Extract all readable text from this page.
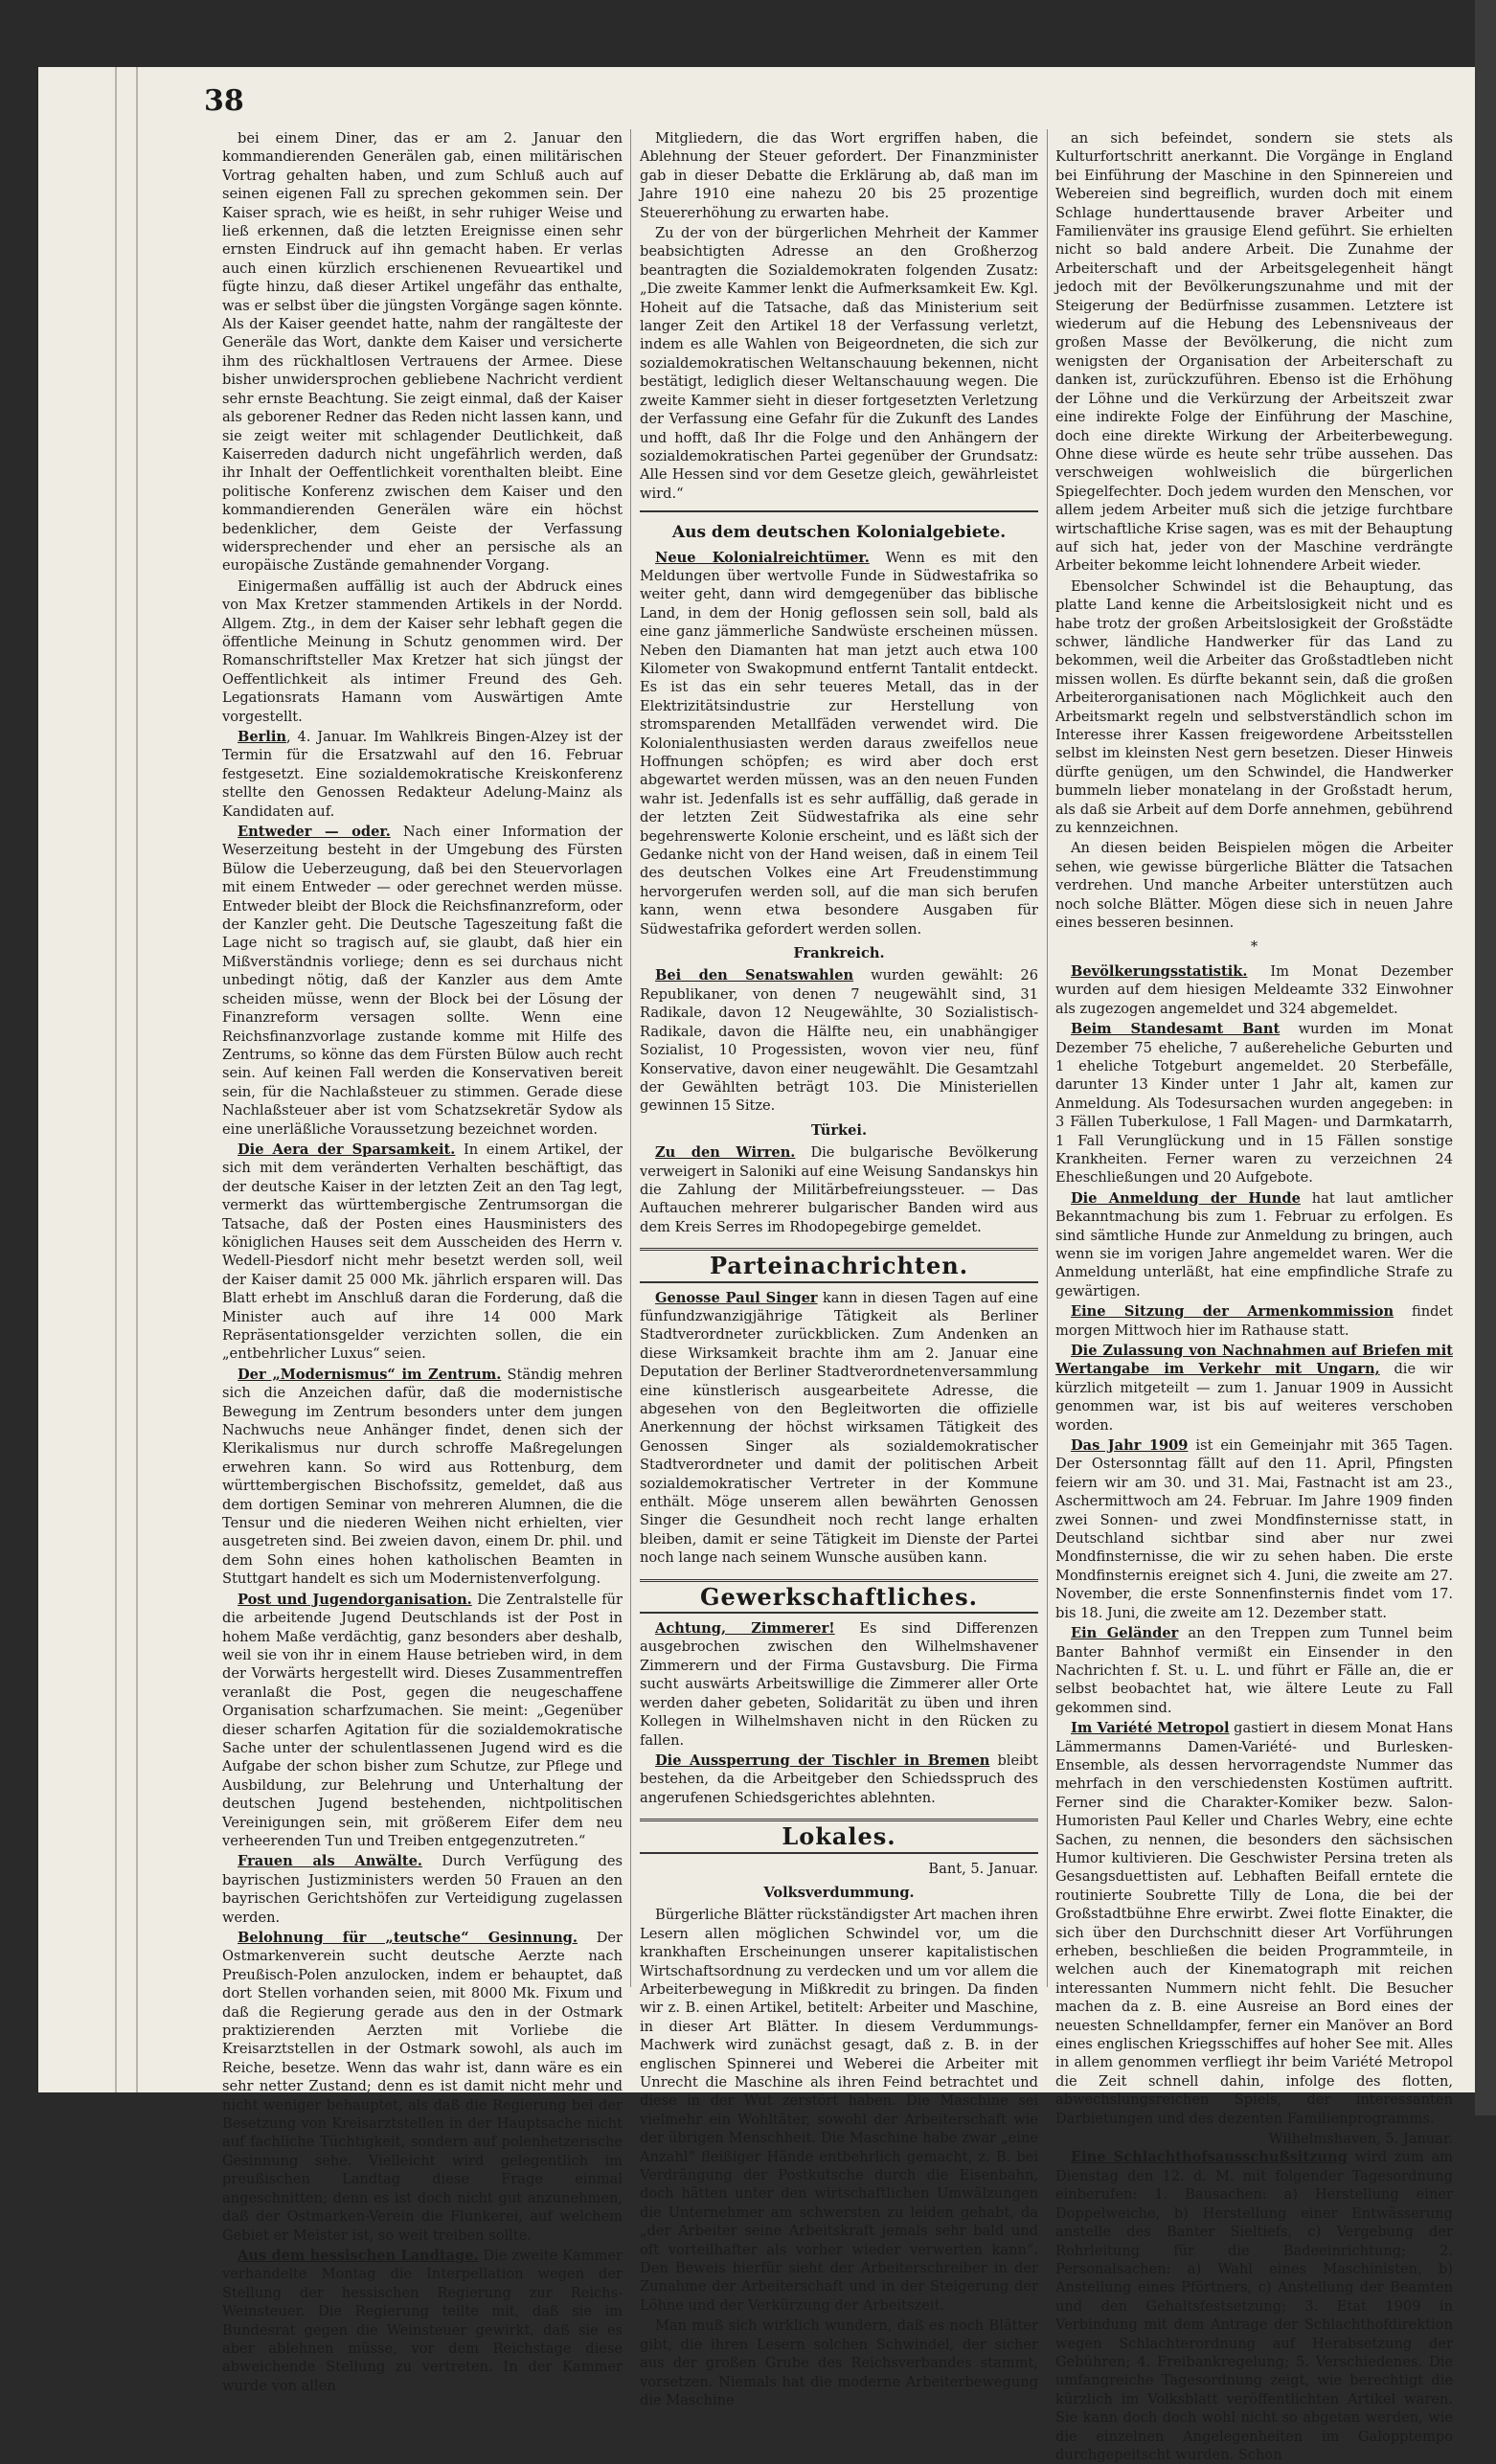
38

bei einem Diner, das er am 2. Januar den kommandierenden Generälen gab, einen militärischen Vortrag gehalten haben, und zum Schluß auch auf seinen eigenen Fall zu sprechen gekommen sein. Der Kaiser sprach, wie es heißt, in sehr ruhiger Weise und ließ erkennen, daß die letzten Ereignisse einen sehr ernsten Eindruck auf ihn gemacht haben. Er verlas auch einen kürzlich erschienenen Revueartikel und fügte hinzu, daß dieser Artikel ungefähr das enthalte, was er selbst über die jüngsten Vorgänge sagen könnte. Als der Kaiser geendet hatte, nahm der rangälteste der Generäle das Wort, dankte dem Kaiser und versicherte ihm des rückhaltlosen Vertrauens der Armee. Diese bisher unwidersprochen gebliebene Nachricht verdient sehr ernste Beachtung. Sie zeigt einmal, daß der Kaiser als geborener Redner das Reden nicht lassen kann, und sie zeigt weiter mit schlagender Deutlichkeit, daß Kaiserreden dadurch nicht ungefährlich werden, daß ihr Inhalt der Oeffentlichkeit vorenthalten bleibt. Eine politische Konferenz zwischen dem Kaiser und den kommandierenden Generälen wäre ein höchst bedenklicher, dem Geiste der Verfassung widersprechender und eher an persische als an europäische Zustände gemahnender Vorgang.

Einigermaßen auffällig ist auch der Abdruck eines von Max Kretzer stammenden Artikels in der Nordd. Allgem. Ztg., in dem der Kaiser sehr lebhaft gegen die öffentliche Meinung in Schutz genommen wird. Der Romanschriftsteller Max Kretzer hat sich jüngst der Oeffentlichkeit als intimer Freund des Geh. Legationsrats Hamann vom Auswärtigen Amte vorgestellt.

Berlin, 4. Januar. Im Wahlkreis Bingen-Alzey ist der Termin für die Ersatzwahl auf den 16. Februar festgesetzt. Eine sozialdemokratische Kreiskonferenz stellte den Genossen Redakteur Adelung-Mainz als Kandidaten auf.

Entweder — oder. Nach einer Information der Weserzeitung besteht in der Umgebung des Fürsten Bülow die Ueberzeugung, daß bei den Steuervorlagen mit einem Entweder — oder gerechnet werden müsse. Entweder bleibt der Block die Reichsfinanzreform, oder der Kanzler geht. Die Deutsche Tageszeitung faßt die Lage nicht so tragisch auf, sie glaubt, daß hier ein Mißverständnis vorliege; denn es sei durchaus nicht unbedingt nötig, daß der Kanzler aus dem Amte scheiden müsse, wenn der Block bei der Lösung der Finanzreform versagen sollte. Wenn eine Reichsfinanzvorlage zustande komme mit Hilfe des Zentrums, so könne das dem Fürsten Bülow auch recht sein. Auf keinen Fall werden die Konservativen bereit sein, für die Nachlaßsteuer zu stimmen. Gerade diese Nachlaßsteuer aber ist vom Schatzsekretär Sydow als eine unerläßliche Voraussetzung bezeichnet worden.

Die Aera der Sparsamkeit. In einem Artikel, der sich mit dem veränderten Verhalten beschäftigt, das der deutsche Kaiser in der letzten Zeit an den Tag legt, vermerkt das württembergische Zentrumsorgan die Tatsache, daß der Posten eines Hausministers des königlichen Hauses seit dem Ausscheiden des Herrn v. Wedell-Piesdorf nicht mehr besetzt werden soll, weil der Kaiser damit 25 000 Mk. jährlich ersparen will. Das Blatt erhebt im Anschluß daran die Forderung, daß die Minister auch auf ihre 14 000 Mark Repräsentationsgelder verzichten sollen, die ein „entbehrlicher Luxus“ seien.

Der „Modernismus“ im Zentrum. Ständig mehren sich die Anzeichen dafür, daß die modernistische Bewegung im Zentrum besonders unter dem jungen Nachwuchs neue Anhänger findet, denen sich der Klerikalismus nur durch schroffe Maßregelungen erwehren kann. So wird aus Rottenburg, dem württembergischen Bischofssitz, gemeldet, daß aus dem dortigen Seminar von mehreren Alumnen, die die Tensur und die niederen Weihen nicht erhielten, vier ausgetreten sind. Bei zweien davon, einem Dr. phil. und dem Sohn eines hohen katholischen Beamten in Stuttgart handelt es sich um Modernistenverfolgung.

Post und Jugendorganisation. Die Zentralstelle für die arbeitende Jugend Deutschlands ist der Post in hohem Maße verdächtig, ganz besonders aber deshalb, weil sie von ihr in einem Hause betrieben wird, in dem der Vorwärts hergestellt wird. Dieses Zusammentreffen veranlaßt die Post, gegen die neugeschaffene Organisation scharfzumachen. Sie meint: „Gegenüber dieser scharfen Agitation für die sozialdemokratische Sache unter der schulentlassenen Jugend wird es die Aufgabe der schon bisher zum Schutze, zur Pflege und Ausbildung, zur Belehrung und Unterhaltung der deutschen Jugend bestehenden, nichtpolitischen Vereinigungen sein, mit größerem Eifer dem neu verheerenden Tun und Treiben entgegenzutreten.“

Frauen als Anwälte. Durch Verfügung des bayrischen Justizministers werden 50 Frauen an den bayrischen Gerichtshöfen zur Verteidigung zugelassen werden.

Belohnung für „teutsche“ Gesinnung. Der Ostmarkenverein sucht deutsche Aerzte nach Preußisch-Polen anzulocken, indem er behauptet, daß dort Stellen vorhanden seien, mit 8000 Mk. Fixum und daß die Regierung gerade aus den in der Ostmark praktizierenden Aerzten mit Vorliebe die Kreisarztstellen in der Ostmark sowohl, als auch im Reiche, besetze. Wenn das wahr ist, dann wäre es ein sehr netter Zustand; denn es ist damit nicht mehr und nicht weniger behauptet, als daß die Regierung bei der Besetzung von Kreisarztstellen in der Hauptsache nicht auf fachliche Tüchtigkeit, sondern auf polenhetzerische Gesinnung sehe. Vielleicht wird gelegentlich im preußischen Landtag diese Frage einmal angeschnitten; denn es ist doch nicht gut anzunehmen, daß der Ostmarken-Verein die Flunkerei, auf welchem Gebiet er Meister ist, so weit treiben sollte.

Aus dem hessischen Landtage. Die zweite Kammer verhandelte Montag die Interpellation wegen der Stellung der hessischen Regierung zur Reichs-Weinsteuer. Die Regierung teilte mit, daß sie im Bundesrat gegen die Weinsteuer gewirkt, daß sie es aber ablehnen müsse, vor dem Reichstage diese abweichende Stellung zu vertreten. In der Kammer wurde von allen

Mitgliedern, die das Wort ergriffen haben, die Ablehnung der Steuer gefordert. Der Finanzminister gab in dieser Debatte die Erklärung ab, daß man im Jahre 1910 eine nahezu 20 bis 25 prozentige Steuererhöhung zu erwarten habe.

Zu der von der bürgerlichen Mehrheit der Kammer beabsichtigten Adresse an den Großherzog beantragten die Sozialdemokraten folgenden Zusatz: „Die zweite Kammer lenkt die Aufmerksamkeit Ew. Kgl. Hoheit auf die Tatsache, daß das Ministerium seit langer Zeit den Artikel 18 der Verfassung verletzt, indem es alle Wahlen von Beigeordneten, die sich zur sozialdemokratischen Weltanschauung bekennen, nicht bestätigt, lediglich dieser Weltanschauung wegen. Die zweite Kammer sieht in dieser fortgesetzten Verletzung der Verfassung eine Gefahr für die Zukunft des Landes und hofft, daß Ihr die Folge und den Anhängern der sozialdemokratischen Partei gegenüber der Grundsatz: Alle Hessen sind vor dem Gesetze gleich, gewährleistet wird.“

Aus dem deutschen Kolonialgebiete.

Neue Kolonialreichtümer. Wenn es mit den Meldungen über wertvolle Funde in Südwestafrika so weiter geht, dann wird demgegenüber das biblische Land, in dem der Honig geflossen sein soll, bald als eine ganz jämmerliche Sandwüste erscheinen müssen. Neben den Diamanten hat man jetzt auch etwa 100 Kilometer von Swakopmund entfernt Tantalit entdeckt. Es ist das ein sehr teueres Metall, das in der Elektrizitätsindustrie zur Herstellung von stromsparenden Metallfäden verwendet wird. Die Kolonialenthusiasten werden daraus zweifellos neue Hoffnungen schöpfen; es wird aber doch erst abgewartet werden müssen, was an den neuen Funden wahr ist. Jedenfalls ist es sehr auffällig, daß gerade in der letzten Zeit Südwestafrika als eine sehr begehrenswerte Kolonie erscheint, und es läßt sich der Gedanke nicht von der Hand weisen, daß in einem Teil des deutschen Volkes eine Art Freudenstimmung hervorgerufen werden soll, auf die man sich berufen kann, wenn etwa besondere Ausgaben für Südwestafrika gefordert werden sollen.

Frankreich.

Bei den Senatswahlen wurden gewählt: 26 Republikaner, von denen 7 neugewählt sind, 31 Radikale, davon 12 Neugewählte, 30 Sozialistisch-Radikale, davon die Hälfte neu, ein unabhängiger Sozialist, 10 Progessisten, wovon vier neu, fünf Konservative, davon einer neugewählt. Die Gesamtzahl der Gewählten beträgt 103. Die Ministeriellen gewinnen 15 Sitze.

Türkei.

Zu den Wirren. Die bulgarische Bevölkerung verweigert in Saloniki auf eine Weisung Sandanskys hin die Zahlung der Militärbefreiungssteuer. — Das Auftauchen mehrerer bulgarischer Banden wird aus dem Kreis Serres im Rhodopegebirge gemeldet.

Parteinachrichten.

Genosse Paul Singer kann in diesen Tagen auf eine fünfundzwanzigjährige Tätigkeit als Berliner Stadtverordneter zurückblicken. Zum Andenken an diese Wirksamkeit brachte ihm am 2. Januar eine Deputation der Berliner Stadtverordnetenversammlung eine künstlerisch ausgearbeitete Adresse, die abgesehen von den Begleitworten die offizielle Anerkennung der höchst wirksamen Tätigkeit des Genossen Singer als sozialdemokratischer Stadtverordneter und damit der politischen Arbeit sozialdemokratischer Vertreter in der Kommune enthält. Möge unserem allen bewährten Genossen Singer die Gesundheit noch recht lange erhalten bleiben, damit er seine Tätigkeit im Dienste der Partei noch lange nach seinem Wunsche ausüben kann.

Gewerkschaftliches.

Achtung, Zimmerer! Es sind Differenzen ausgebrochen zwischen den Wilhelmshavener Zimmerern und der Firma Gustavsburg. Die Firma sucht auswärts Arbeitswillige die Zimmerer aller Orte werden daher gebeten, Solidarität zu üben und ihren Kollegen in Wilhelmshaven nicht in den Rücken zu fallen.

Die Aussperrung der Tischler in Bremen bleibt bestehen, da die Arbeitgeber den Schiedsspruch des angerufenen Schiedsgerichtes ablehnten.

Lokales.
Bant, 5. Januar.
Volksverdummung.

Bürgerliche Blätter rückständigster Art machen ihren Lesern allen möglichen Schwindel vor, um die krankhaften Erscheinungen unserer kapitalistischen Wirtschaftsordnung zu verdecken und um vor allem die Arbeiterbewegung in Mißkredit zu bringen. Da finden wir z. B. einen Artikel, betitelt: Arbeiter und Maschine, in dieser Art Blätter. In diesem Verdummungs-Machwerk wird zunächst gesagt, daß z. B. in der englischen Spinnerei und Weberei die Arbeiter mit Unrecht die Maschine als ihren Feind betrachtet und diese in der Wut zerstört haben. Die Maschine sei vielmehr ein Wohltäter, sowohl der Arbeiterschaft wie der übrigen Menschheit. Die Maschine habe zwar „eine Anzahl“ fleißiger Hände entbehrlich gemacht, z. B. bei Verdrängung der Postkutsche durch die Eisenbahn, doch hätten unter den wirtschaftlichen Umwälzungen die Unternehmer am schwersten zu leiden gehabt, da „der Arbeiter seine Arbeitskraft jemals sehr bald und oft vorteilhafter als vorher wieder verwerten kann“. Den Beweis hierfür sieht der Arbeiterschreiber in der Zunahme der Arbeiterschaft und in der Steigerung der Löhne und der Verkürzung der Arbeitszeit.

Man muß sich wirklich wundern, daß es noch Blätter gibt, die ihren Lesern solchen Schwindel, der sicher aus der großen Grube des Reichsverbandes stammt, vorsetzen. Niemals hat die moderne Arbeiterbewegung die Maschine

an sich befeindet, sondern sie stets als Kulturfortschritt anerkannt. Die Vorgänge in England bei Einführung der Maschine in den Spinnereien und Webereien sind begreiflich, wurden doch mit einem Schlage hunderttausende braver Arbeiter und Familienväter ins grausige Elend geführt. Sie erhielten nicht so bald andere Arbeit. Die Zunahme der Arbeiterschaft und der Arbeitsgelegenheit hängt jedoch mit der Bevölkerungszunahme und mit der Steigerung der Bedürfnisse zusammen. Letztere ist wiederum auf die Hebung des Lebensniveaus der großen Masse der Bevölkerung, die nicht zum wenigsten der Organisation der Arbeiterschaft zu danken ist, zurückzuführen. Ebenso ist die Erhöhung der Löhne und die Verkürzung der Arbeitszeit zwar eine indirekte Folge der Einführung der Maschine, doch eine direkte Wirkung der Arbeiterbewegung. Ohne diese würde es heute sehr trübe aussehen. Das verschweigen wohlweislich die bürgerlichen Spiegelfechter. Doch jedem wurden den Menschen, vor allem jedem Arbeiter muß sich die jetzige furchtbare wirtschaftliche Krise sagen, was es mit der Behauptung auf sich hat, jeder von der Maschine verdrängte Arbeiter bekomme leicht lohnendere Arbeit wieder.

Ebensolcher Schwindel ist die Behauptung, das platte Land kenne die Arbeitslosigkeit nicht und es habe trotz der großen Arbeitslosigkeit der Großstädte schwer, ländliche Handwerker für das Land zu bekommen, weil die Arbeiter das Großstadtleben nicht missen wollen. Es dürfte bekannt sein, daß die großen Arbeiterorganisationen nach Möglichkeit auch den Arbeitsmarkt regeln und selbstverständlich schon im Interesse ihrer Kassen freigewordene Arbeitsstellen selbst im kleinsten Nest gern besetzen. Dieser Hinweis dürfte genügen, um den Schwindel, die Handwerker bummeln lieber monatelang in der Großstadt herum, als daß sie Arbeit auf dem Dorfe annehmen, gebührend zu kennzeichnen.

An diesen beiden Beispielen mögen die Arbeiter sehen, wie gewisse bürgerliche Blätter die Tatsachen verdrehen. Und manche Arbeiter unterstützen auch noch solche Blätter. Mögen diese sich in neuen Jahre eines besseren besinnen.

*

Bevölkerungsstatistik. Im Monat Dezember wurden auf dem hiesigen Meldeamte 332 Einwohner als zugezogen angemeldet und 324 abgemeldet.

Beim Standesamt Bant wurden im Monat Dezember 75 eheliche, 7 außereheliche Geburten und 1 eheliche Totgeburt angemeldet. 20 Sterbefälle, darunter 13 Kinder unter 1 Jahr alt, kamen zur Anmeldung. Als Todesursachen wurden angegeben: in 3 Fällen Tuberkulose, 1 Fall Magen- und Darmkatarrh, 1 Fall Verunglückung und in 15 Fällen sonstige Krankheiten. Ferner waren zu verzeichnen 24 Eheschließungen und 20 Aufgebote.

Die Anmeldung der Hunde hat laut amtlicher Bekanntmachung bis zum 1. Februar zu erfolgen. Es sind sämtliche Hunde zur Anmeldung zu bringen, auch wenn sie im vorigen Jahre angemeldet waren. Wer die Anmeldung unterläßt, hat eine empfindliche Strafe zu gewärtigen.

Eine Sitzung der Armenkommission findet morgen Mittwoch hier im Rathause statt.

Die Zulassung von Nachnahmen auf Briefen mit Wertangabe im Verkehr mit Ungarn, die wir kürzlich mitgeteilt — zum 1. Januar 1909 in Aussicht genommen war, ist bis auf weiteres verschoben worden.

Das Jahr 1909 ist ein Gemeinjahr mit 365 Tagen. Der Ostersonntag fällt auf den 11. April, Pfingsten feiern wir am 30. und 31. Mai, Fastnacht ist am 23., Aschermittwoch am 24. Februar. Im Jahre 1909 finden zwei Sonnen- und zwei Mondfinsternisse statt, in Deutschland sichtbar sind aber nur zwei Mondfinsternisse, die wir zu sehen haben. Die erste Mondfinsternis ereignet sich 4. Juni, die zweite am 27. November, die erste Sonnenfinsternis findet vom 17. bis 18. Juni, die zweite am 12. Dezember statt.

Ein Geländer an den Treppen zum Tunnel beim Banter Bahnhof vermißt ein Einsender in den Nachrichten f. St. u. L. und führt er Fälle an, die er selbst beobachtet hat, wie ältere Leute zu Fall gekommen sind.

Im Variété Metropol gastiert in diesem Monat Hans Lämmermanns Damen-Variété- und Burlesken-Ensemble, als dessen hervorragendste Nummer das mehrfach in den verschiedensten Kostümen auftritt. Ferner sind die Charakter-Komiker bezw. Salon-Humoristen Paul Keller und Charles Webry, eine echte Sachen, zu nennen, die besonders den sächsischen Humor kultivieren. Die Geschwister Persina treten als Gesangsduettisten auf. Lebhaften Beifall erntete die routinierte Soubrette Tilly de Lona, die bei der Großstadtbühne Ehre erwirbt. Zwei flotte Einakter, die sich über den Durchschnitt dieser Art Vorführungen erheben, beschließen die beiden Programmteile, in welchen auch der Kinematograph mit reichen interessanten Nummern nicht fehlt. Die Besucher machen da z. B. eine Ausreise an Bord eines der neuesten Schnelldampfer, ferner ein Manöver an Bord eines englischen Kriegsschiffes auf hoher See mit. Alles in allem genommen verfliegt ihr beim Variété Metropol die Zeit schnell dahin, infolge des flotten, abwechslungsreichen Spiels, der interessanten Darbietungen und des dezenten Familienprogramms.

Wilhelmshaven, 5. Januar.

Eine Schlachthofsausschußsitzung wird zum am Dienstag den 12. d. M. mit folgender Tagesordnung einberufen: 1. Bausachen: a) Herstellung einer Doppelweiche, b) Herstellung einer Entwässerung anstelle des Banter Sieltiefs, c) Vergebung der Rohrleitung für die Badeeinrichtung; 2. Personalsachen: a) Wahl eines Maschinisten, b) Anstellung eines Pförtners, c) Anstellung der Beamten und den Gehaltsfestsetzung; 3. Etat 1909 in Verbindung mit dem Antrage der Schlachthofdirektion wegen Schlachterordnung auf Herabsetzung der Gebühren; 4. Freibankregelung; 5. Verschiedenes. Die umfangreiche Tagesordnung zeigt, wie berechtigt die kürzlich im Volksblatt veröffentlichten Artikel waren. Sie kann doch doch wohl nicht so abgetan werden, wie die einzelnen Angelegenheiten im Galopptempo durchgepeitscht wurden. Schon
